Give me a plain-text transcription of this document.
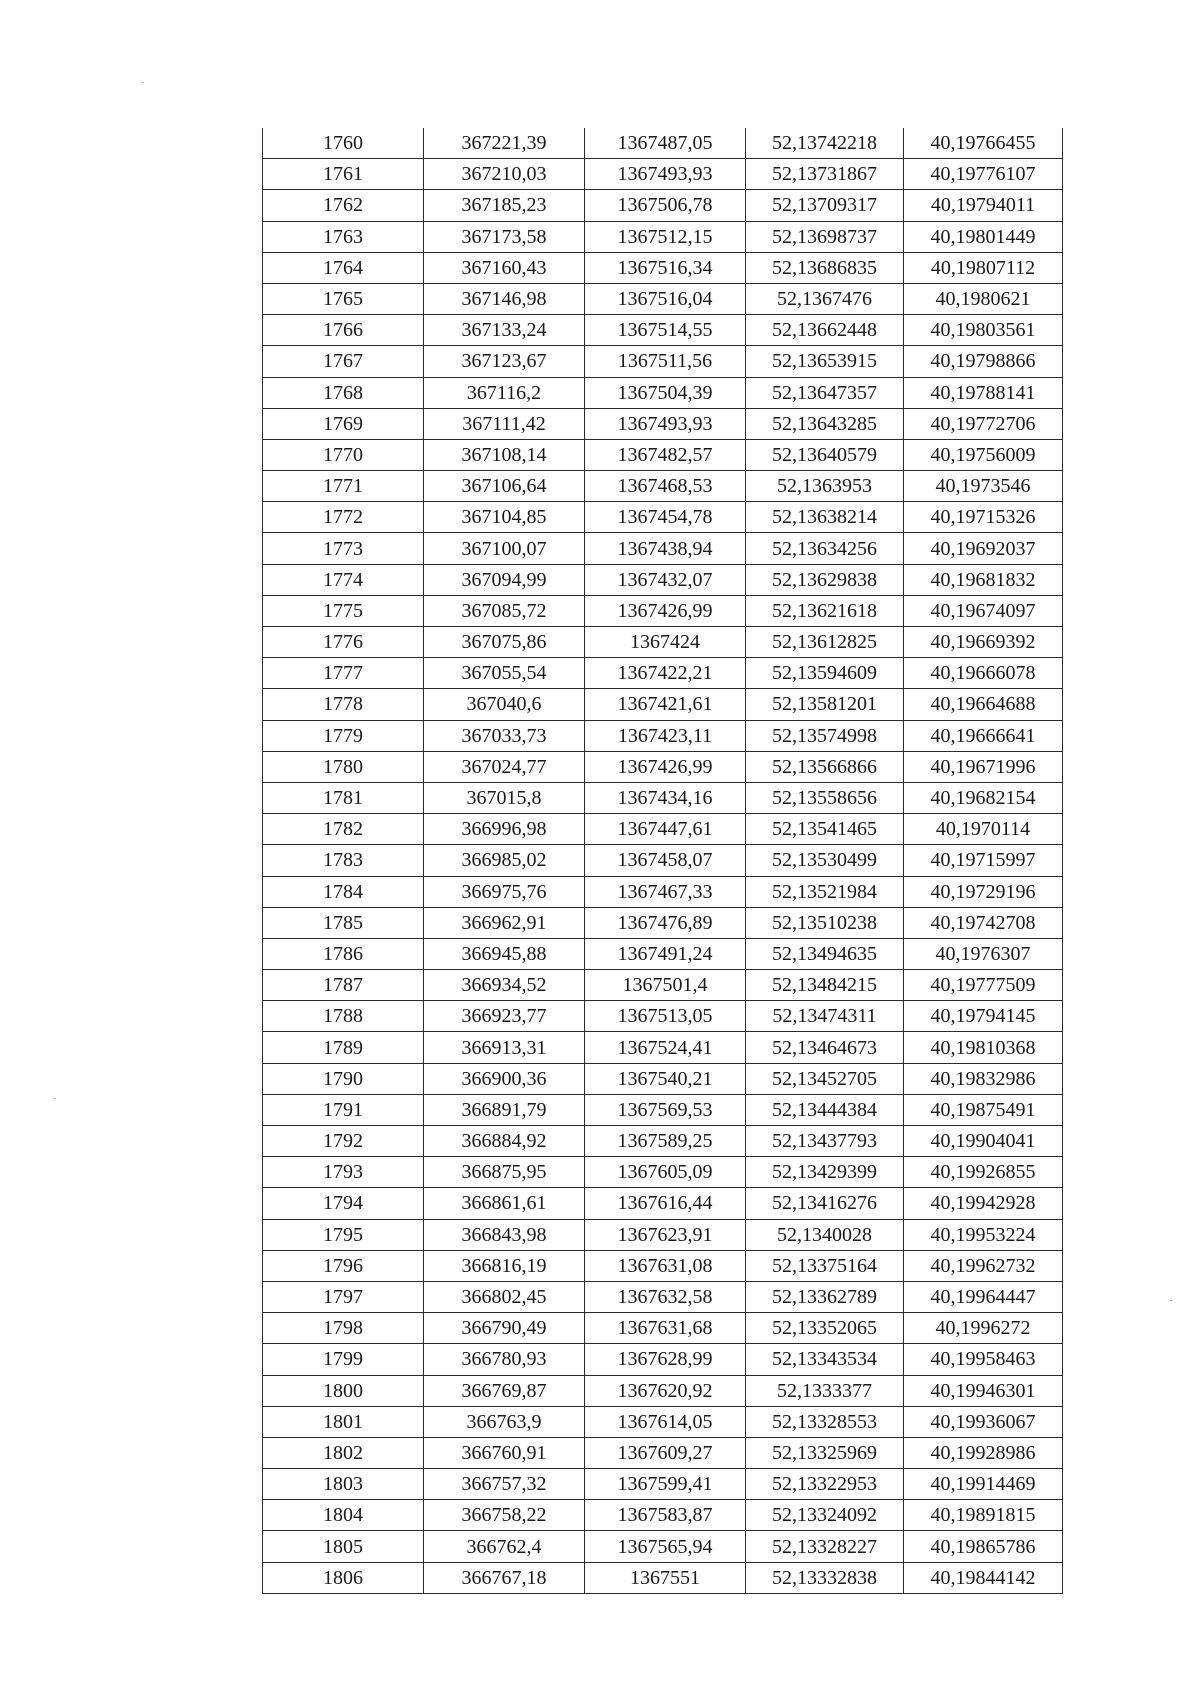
1760	367221,39	1367487,05	52,13742218	40,19766455
1761	367210,03	1367493,93	52,13731867	40,19776107
1762	367185,23	1367506,78	52,13709317	40,19794011
1763	367173,58	1367512,15	52,13698737	40,19801449
1764	367160,43	1367516,34	52,13686835	40,19807112
1765	367146,98	1367516,04	52,1367476	40,1980621
1766	367133,24	1367514,55	52,13662448	40,19803561
1767	367123,67	1367511,56	52,13653915	40,19798866
1768	367116,2	1367504,39	52,13647357	40,19788141
1769	367111,42	1367493,93	52,13643285	40,19772706
1770	367108,14	1367482,57	52,13640579	40,19756009
1771	367106,64	1367468,53	52,1363953	40,1973546
1772	367104,85	1367454,78	52,13638214	40,19715326
1773	367100,07	1367438,94	52,13634256	40,19692037
1774	367094,99	1367432,07	52,13629838	40,19681832
1775	367085,72	1367426,99	52,13621618	40,19674097
1776	367075,86	1367424	52,13612825	40,19669392
1777	367055,54	1367422,21	52,13594609	40,19666078
1778	367040,6	1367421,61	52,13581201	40,19664688
1779	367033,73	1367423,11	52,13574998	40,19666641
1780	367024,77	1367426,99	52,13566866	40,19671996
1781	367015,8	1367434,16	52,13558656	40,19682154
1782	366996,98	1367447,61	52,13541465	40,1970114
1783	366985,02	1367458,07	52,13530499	40,19715997
1784	366975,76	1367467,33	52,13521984	40,19729196
1785	366962,91	1367476,89	52,13510238	40,19742708
1786	366945,88	1367491,24	52,13494635	40,1976307
1787	366934,52	1367501,4	52,13484215	40,19777509
1788	366923,77	1367513,05	52,13474311	40,19794145
1789	366913,31	1367524,41	52,13464673	40,19810368
1790	366900,36	1367540,21	52,13452705	40,19832986
1791	366891,79	1367569,53	52,13444384	40,19875491
1792	366884,92	1367589,25	52,13437793	40,19904041
1793	366875,95	1367605,09	52,13429399	40,19926855
1794	366861,61	1367616,44	52,13416276	40,19942928
1795	366843,98	1367623,91	52,1340028	40,19953224
1796	366816,19	1367631,08	52,13375164	40,19962732
1797	366802,45	1367632,58	52,13362789	40,19964447
1798	366790,49	1367631,68	52,13352065	40,1996272
1799	366780,93	1367628,99	52,13343534	40,19958463
1800	366769,87	1367620,92	52,1333377	40,19946301
1801	366763,9	1367614,05	52,13328553	40,19936067
1802	366760,91	1367609,27	52,13325969	40,19928986
1803	366757,32	1367599,41	52,13322953	40,19914469
1804	366758,22	1367583,87	52,13324092	40,19891815
1805	366762,4	1367565,94	52,13328227	40,19865786
1806	366767,18	1367551	52,13332838	40,19844142
